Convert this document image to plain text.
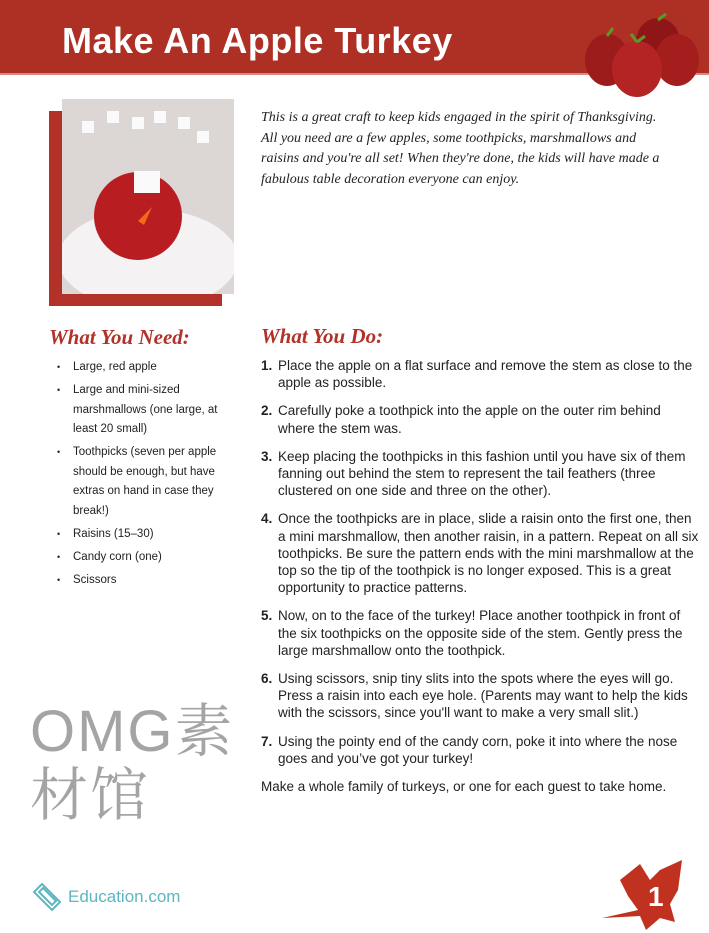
Make An Apple Turkey
This is a great craft to keep kids engaged in the spirit of Thanksgiving. All you need are a few apples, some toothpicks, marshmallows and raisins and you're all set! When they're done, the kids will have made a fabulous table decoration everyone can enjoy.
What You Need:
• Large, red apple
• Large and mini-sized marshmallows (one large, at least 20 small)
• Toothpicks (seven per apple should be enough, but have extras on hand in case they break!)
• Raisins (15–30)
• Candy corn (one)
• Scissors
What You Do:
1. Place the apple on a flat surface and remove the stem as close to the apple as possible.
2. Carefully poke a toothpick into the apple on the outer rim behind where the stem was.
3. Keep placing the toothpicks in this fashion until you have six of them fanning out behind the stem to represent the tail feathers (three clustered on one side and three on the other).
4. Once the toothpicks are in place, slide a raisin onto the first one, then a mini marshmallow, then another raisin, in a pattern. Repeat on all six toothpicks. Be sure the pattern ends with the mini marshmallow at the top so the tip of the toothpick is no longer exposed. This is a great opportunity to practice patterns.
5. Now, on to the face of the turkey! Place another toothpick in front of the six toothpicks on the opposite side of the stem. Gently press the large marshmallow onto the toothpick.
6. Using scissors, snip tiny slits into the spots where the eyes will go. Press a raisin into each eye hole. (Parents may want to help the kids with the scissors, since you'll want to make a very small slit.)
7. Using the pointy end of the candy corn, poke it into where the nose goes and you’ve got your turkey!
Make a whole family of turkeys, or one for each guest to take home.
OMG素材馆
Education.com	1
